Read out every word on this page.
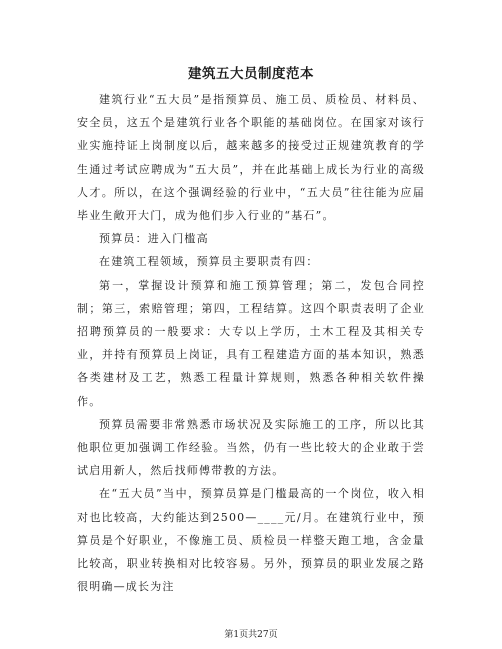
建筑五大员制度范本

建筑行业“五大员”是指预算员、施工员、质检员、材料员、安全员，这五个是建筑行业各个职能的基础岗位。在国家对该行业实施持证上岗制度以后，越来越多的接受过正规建筑教育的学生通过考试应聘成为“五大员”，并在此基础上成长为行业的高级人才。所以，在这个强调经验的行业中，“五大员”往往能为应届毕业生敞开大门，成为他们步入行业的“基石”。

预算员：进入门槛高

在建筑工程领域，预算员主要职责有四：

第一，掌握设计预算和施工预算管理；第二，发包合同控制；第三，索赔管理；第四，工程结算。这四个职责表明了企业招聘预算员的一般要求：大专以上学历，土木工程及其相关专业，并持有预算员上岗证，具有工程建造方面的基本知识，熟悉各类建材及工艺，熟悉工程量计算规则，熟悉各种相关软件操作。

预算员需要非常熟悉市场状况及实际施工的工序，所以比其他职位更加强调工作经验。当然，仍有一些比较大的企业敢于尝试启用新人，然后找师傅带教的方法。

在“五大员”当中，预算员算是门槛最高的一个岗位，收入相对也比较高，大约能达到2500—____元/月。在建筑行业中，预算员是个好职业，不像施工员、质检员一样整天跑工地，含金量比较高，职业转换相对比较容易。另外，预算员的职业发展之路很明确—成长为注

第1页共27页
